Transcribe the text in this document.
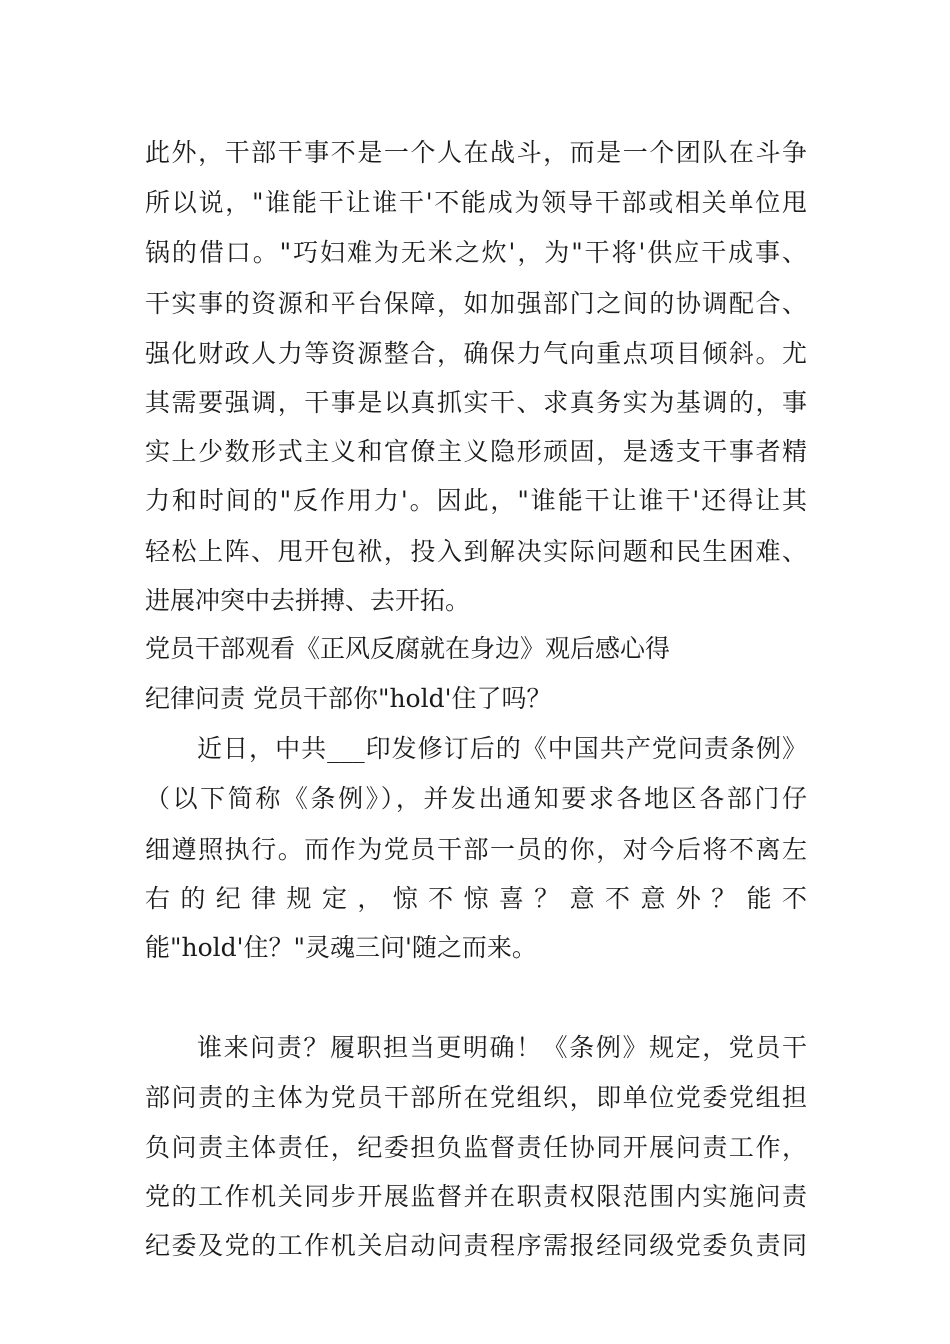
此外，干部干事不是一个人在战斗，而是一个团队在斗争
所以说，"谁能干让谁干'不能成为领导干部或相关单位甩
锅的借口。"巧妇难为无米之炊'，为"干将'供应干成事、
干实事的资源和平台保障，如加强部门之间的协调配合、
强化财政人力等资源整合，确保力气向重点项目倾斜。尤
其需要强调，干事是以真抓实干、求真务实为基调的，事
实上少数形式主义和官僚主义隐形顽固，是透支干事者精
力和时间的"反作用力'。因此，"谁能干让谁干'还得让其
轻松上阵、甩开包袱，投入到解决实际问题和民生困难、
进展冲突中去拼搏、去开拓。
党员干部观看《正风反腐就在身边》观后感心得
纪律问责 党员干部你"hold'住了吗？
近日，中共___印发修订后的《中国共产党问责条例》
（以下简称《条例》），并发出通知要求各地区各部门仔
细遵照执行。而作为党员干部一员的你，对今后将不离左
右 的 纪 律 规 定 ， 惊 不 惊 喜 ？ 意 不 意 外 ？ 能 不
能"hold'住？"灵魂三问'随之而来。
谁来问责？履职担当更明确！《条例》规定，党员干
部问责的主体为党员干部所在党组织，即单位党委党组担
负问责主体责任，纪委担负监督责任协同开展问责工作，
党的工作机关同步开展监督并在职责权限范围内实施问责
纪委及党的工作机关启动问责程序需报经同级党委负责同
